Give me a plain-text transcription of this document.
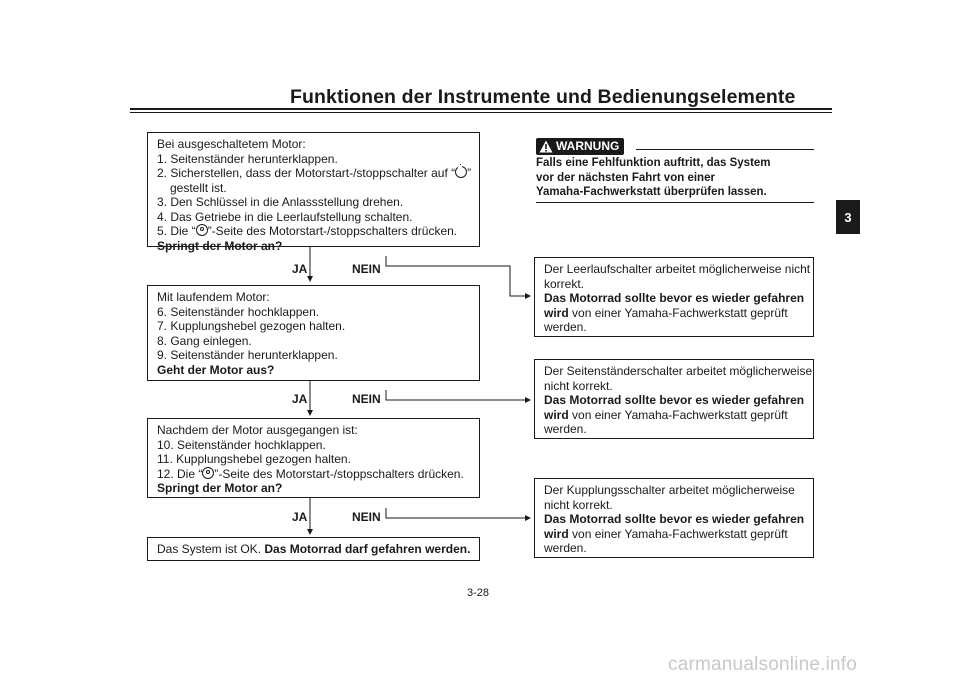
Funktionen der Instrumente und Bedienungselemente
3
Bei ausgeschaltetem Motor:
1. Seitenständer herunterklappen.
2. Sicherstellen, dass der Motorstart-/stoppschalter auf “ ”
gestellt ist.
3. Den Schlüssel in die Anlassstellung drehen.
4. Das Getriebe in die Leerlaufstellung schalten.
5. Die “ ”-Seite des Motorstart-/stoppschalters drücken.
Springt der Motor an?
JA	NEIN
Mit laufendem Motor:
6. Seitenständer hochklappen.
7. Kupplungshebel gezogen halten.
8. Gang einlegen.
9. Seitenständer herunterklappen.
Geht der Motor aus?
JA	NEIN
Nachdem der Motor ausgegangen ist:
10. Seitenständer hochklappen.
11. Kupplungshebel gezogen halten.
12. Die “ ”-Seite des Motorstart-/stoppschalters drücken.
Springt der Motor an?
JA	NEIN
Das System ist OK. Das Motorrad darf gefahren werden.
WARNUNG
Falls eine Fehlfunktion auftritt, das System
vor der nächsten Fahrt von einer
Yamaha-Fachwerkstatt überprüfen lassen.
Der Leerlaufschalter arbeitet möglicherweise nicht
korrekt.
Das Motorrad sollte bevor es wieder gefahren
wird von einer Yamaha-Fachwerkstatt geprüft
werden.
Der Seitenständerschalter arbeitet möglicherweise
nicht korrekt.
Das Motorrad sollte bevor es wieder gefahren
wird von einer Yamaha-Fachwerkstatt geprüft
werden.
Der Kupplungsschalter arbeitet möglicherweise
nicht korrekt.
Das Motorrad sollte bevor es wieder gefahren
wird von einer Yamaha-Fachwerkstatt geprüft
werden.
3-28
carmanualsonline.info
